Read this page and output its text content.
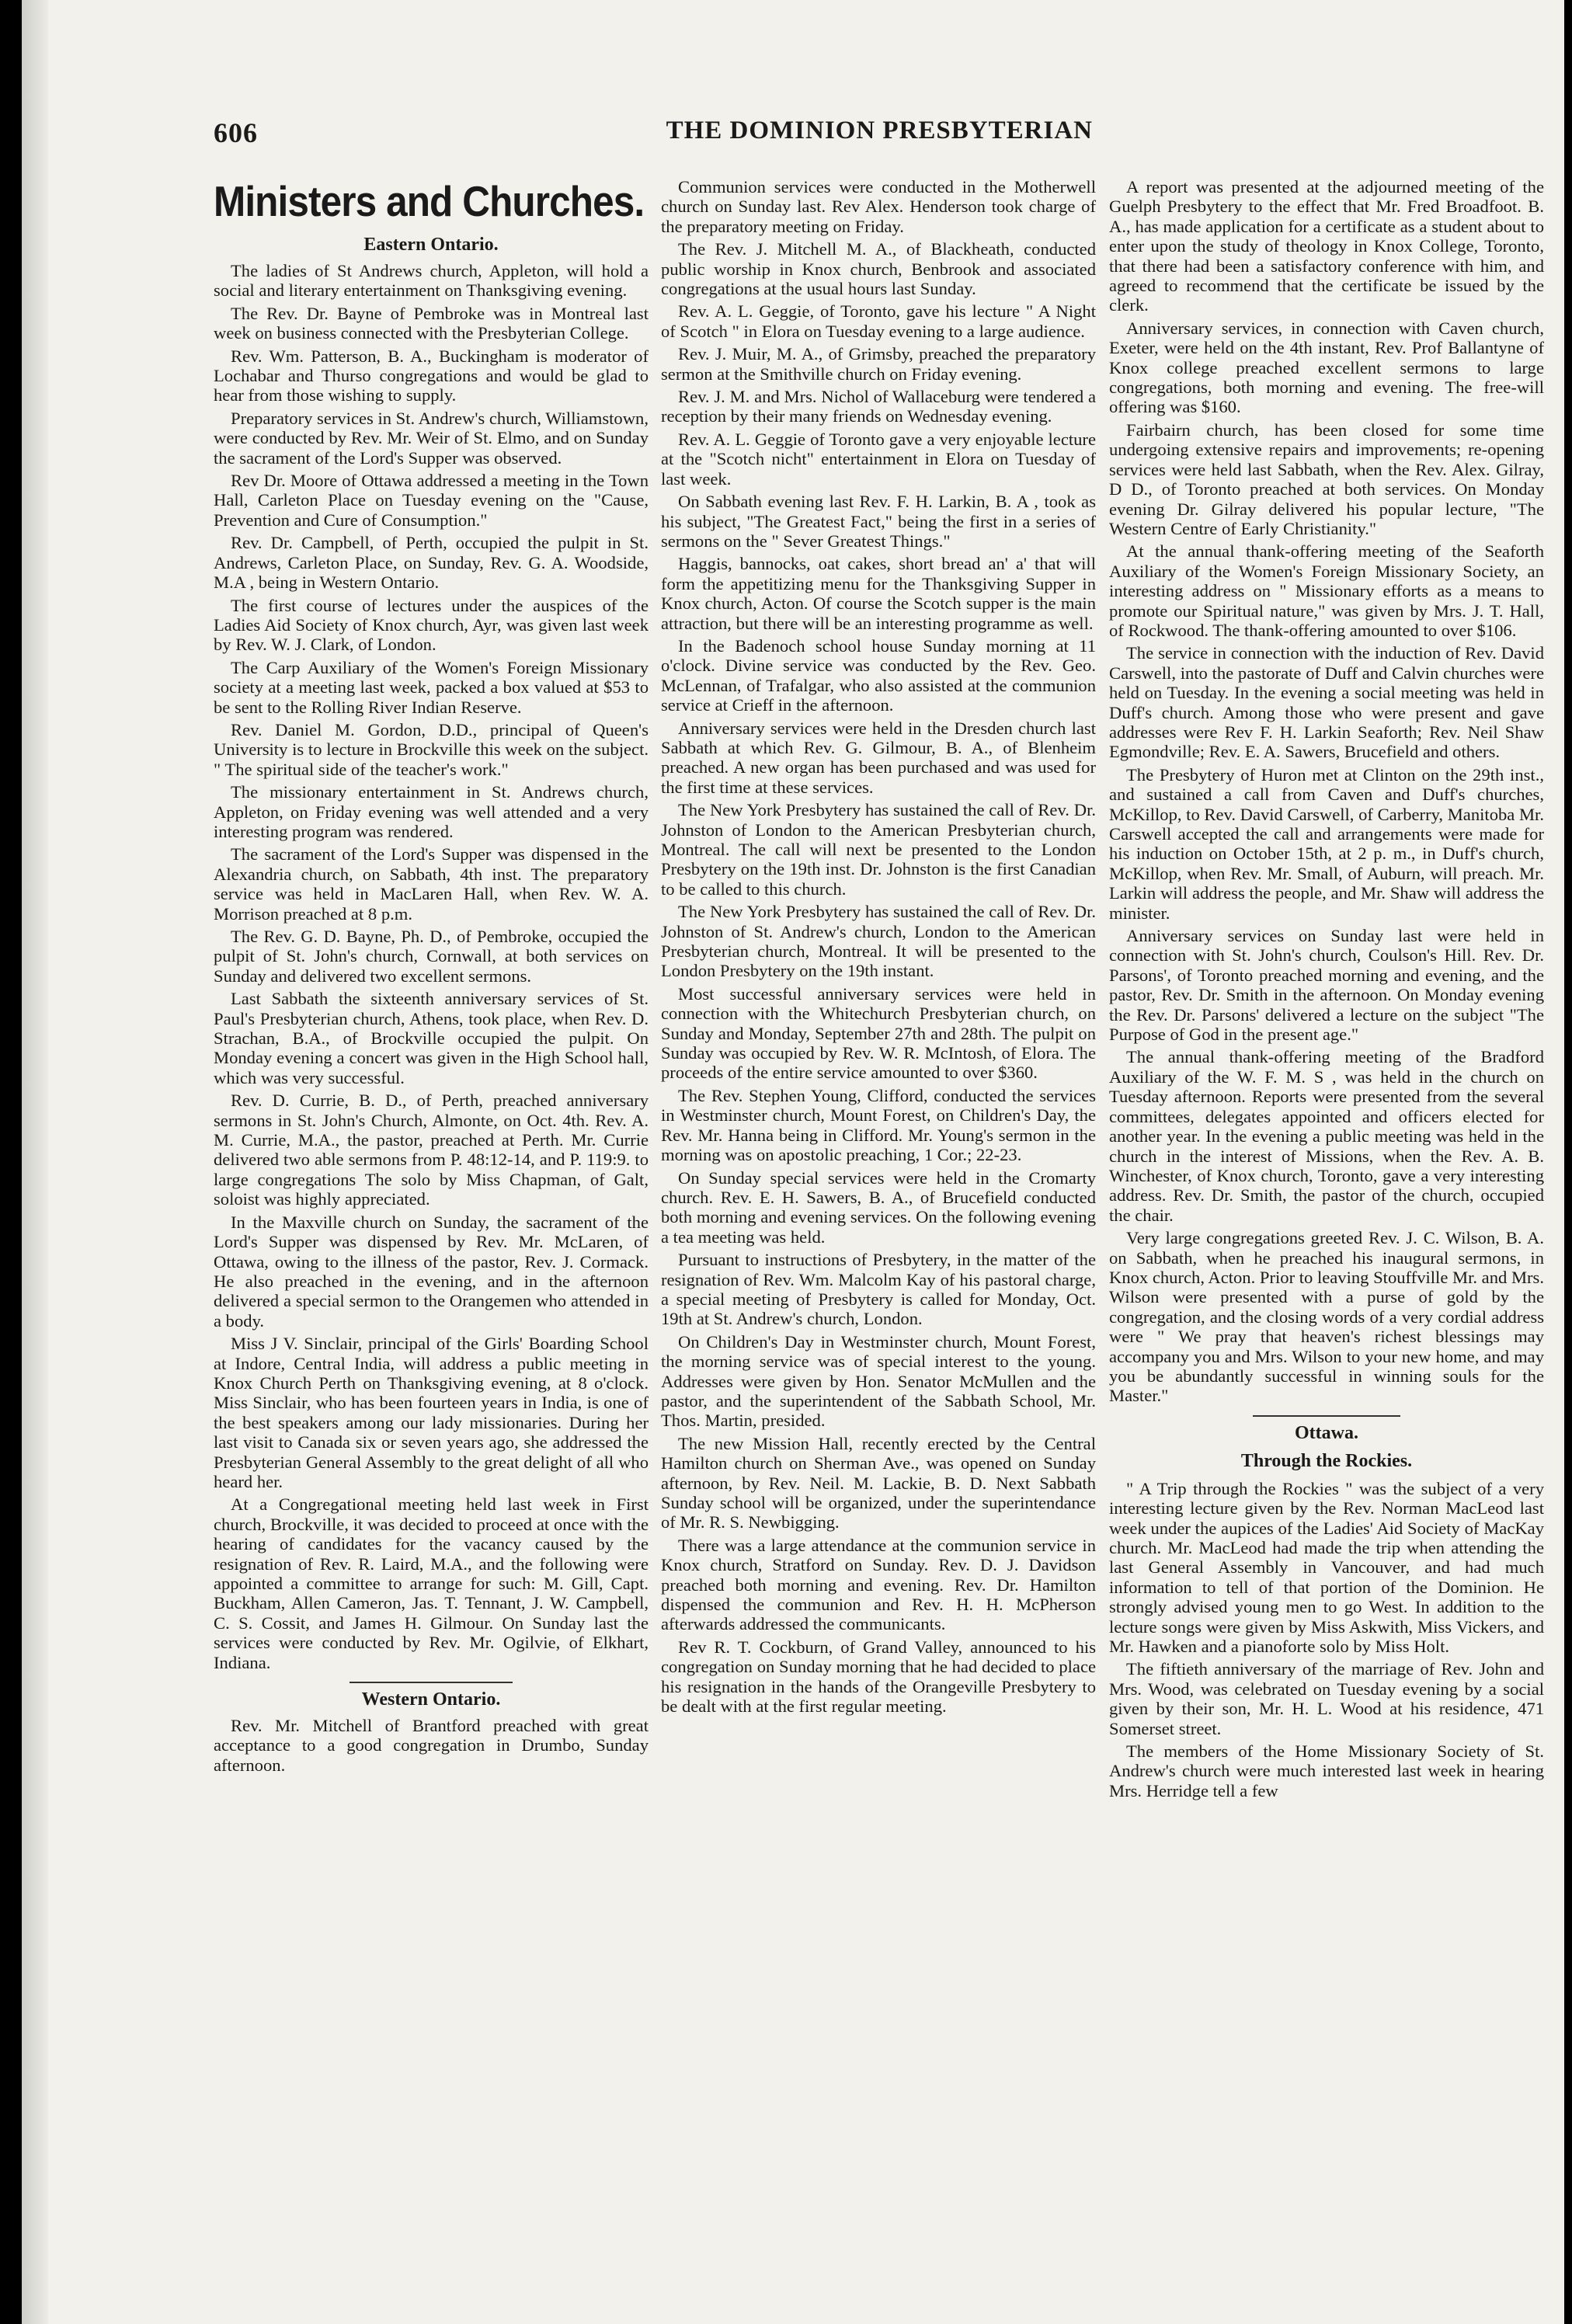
606	THE DOMINION PRESBYTERIAN
Ministers and Churches.
Eastern Ontario.

The ladies of St Andrews church, Appleton, will hold a social and literary entertainment on Thanksgiving evening.

The Rev. Dr. Bayne of Pembroke was in Montreal last week on business connected with the Presbyterian College.

Rev. Wm. Patterson, B. A., Buckingham is moderator of Lochabar and Thurso congregations and would be glad to hear from those wishing to supply.

Preparatory services in St. Andrew's church, Williamstown, were conducted by Rev. Mr. Weir of St. Elmo, and on Sunday the sacrament of the Lord's Supper was observed.

Rev Dr. Moore of Ottawa addressed a meeting in the Town Hall, Carleton Place on Tuesday evening on the "Cause, Prevention and Cure of Consumption."

Rev. Dr. Campbell, of Perth, occupied the pulpit in St. Andrews, Carleton Place, on Sunday, Rev. G. A. Woodside, M.A , being in Western Ontario.

The first course of lectures under the auspices of the Ladies Aid Society of Knox church, Ayr, was given last week by Rev. W. J. Clark, of London.

The Carp Auxiliary of the Women's Foreign Missionary society at a meeting last week, packed a box valued at $53 to be sent to the Rolling River Indian Reserve.

Rev. Daniel M. Gordon, D.D., principal of Queen's University is to lecture in Brockville this week on the subject. " The spiritual side of the teacher's work."

The missionary entertainment in St. Andrews church, Appleton, on Friday evening was well attended and a very interesting program was rendered.

The sacrament of the Lord's Supper was dispensed in the Alexandria church, on Sabbath, 4th inst. The preparatory service was held in MacLaren Hall, when Rev. W. A. Morrison preached at 8 p.m.

The Rev. G. D. Bayne, Ph. D., of Pembroke, occupied the pulpit of St. John's church, Cornwall, at both services on Sunday and delivered two excellent sermons.

Last Sabbath the sixteenth anniversary services of St. Paul's Presbyterian church, Athens, took place, when Rev. D. Strachan, B.A., of Brockville occupied the pulpit. On Monday evening a concert was given in the High School hall, which was very successful.

Rev. D. Currie, B. D., of Perth, preached anniversary sermons in St. John's Church, Almonte, on Oct. 4th. Rev. A. M. Currie, M.A., the pastor, preached at Perth. Mr. Currie delivered two able sermons from P. 48:12-14, and P. 119:9. to large congregations The solo by Miss Chapman, of Galt, soloist was highly appreciated.

In the Maxville church on Sunday, the sacrament of the Lord's Supper was dispensed by Rev. Mr. McLaren, of Ottawa, owing to the illness of the pastor, Rev. J. Cormack. He also preached in the evening, and in the afternoon delivered a special sermon to the Orangemen who attended in a body.

Miss J V. Sinclair, principal of the Girls' Boarding School at Indore, Central India, will address a public meeting in Knox Church Perth on Thanksgiving evening, at 8 o'clock. Miss Sinclair, who has been fourteen years in India, is one of the best speakers among our lady missionaries. During her last visit to Canada six or seven years ago, she addressed the Presbyterian General Assembly to the great delight of all who heard her.

At a Congregational meeting held last week in First church, Brockville, it was decided to proceed at once with the hearing of candidates for the vacancy caused by the resignation of Rev. R. Laird, M.A., and the following were appointed a committee to arrange for such: M. Gill, Capt. Buckham, Allen Cameron, Jas. T. Tennant, J. W. Campbell, C. S. Cossit, and James H. Gilmour. On Sunday last the services were conducted by Rev. Mr. Ogilvie, of Elkhart, Indiana.

Western Ontario.

Rev. Mr. Mitchell of Brantford preached with great acceptance to a good congregation in Drumbo, Sunday afternoon.

Communion services were conducted in the Motherwell church on Sunday last. Rev Alex. Henderson took charge of the preparatory meeting on Friday.

The Rev. J. Mitchell M. A., of Blackheath, conducted public worship in Knox church, Benbrook and associated congregations at the usual hours last Sunday.

Rev. A. L. Geggie, of Toronto, gave his lecture " A Night of Scotch " in Elora on Tuesday evening to a large audience.

Rev. J. Muir, M. A., of Grimsby, preached the preparatory sermon at the Smithville church on Friday evening.

Rev. J. M. and Mrs. Nichol of Wallaceburg were tendered a reception by their many friends on Wednesday evening.

Rev. A. L. Geggie of Toronto gave a very enjoyable lecture at the "Scotch nicht" entertainment in Elora on Tuesday of last week.

On Sabbath evening last Rev. F. H. Larkin, B. A , took as his subject, "The Greatest Fact," being the first in a series of sermons on the " Sever Greatest Things."

Haggis, bannocks, oat cakes, short bread an' a' that will form the appetitizing menu for the Thanksgiving Supper in Knox church, Acton. Of course the Scotch supper is the main attraction, but there will be an interesting programme as well.

In the Badenoch school house Sunday morning at 11 o'clock. Divine service was conducted by the Rev. Geo. McLennan, of Trafalgar, who also assisted at the communion service at Crieff in the afternoon.

Anniversary services were held in the Dresden church last Sabbath at which Rev. G. Gilmour, B. A., of Blenheim preached. A new organ has been purchased and was used for the first time at these services.

The New York Presbytery has sustained the call of Rev. Dr. Johnston of London to the American Presbyterian church, Montreal. The call will next be presented to the London Presbytery on the 19th inst. Dr. Johnston is the first Canadian to be called to this church.

The New York Presbytery has sustained the call of Rev. Dr. Johnston of St. Andrew's church, London to the American Presbyterian church, Montreal. It will be presented to the London Presbytery on the 19th instant.

Most successful anniversary services were held in connection with the Whitechurch Presbyterian church, on Sunday and Monday, September 27th and 28th. The pulpit on Sunday was occupied by Rev. W. R. McIntosh, of Elora. The proceeds of the entire service amounted to over $360.

The Rev. Stephen Young, Clifford, conducted the services in Westminster church, Mount Forest, on Children's Day, the Rev. Mr. Hanna being in Clifford. Mr. Young's sermon in the morning was on apostolic preaching, 1 Cor.; 22-23.

On Sunday special services were held in the Cromarty church. Rev. E. H. Sawers, B. A., of Brucefield conducted both morning and evening services. On the following evening a tea meeting was held.

Pursuant to instructions of Presbytery, in the matter of the resignation of Rev. Wm. Malcolm Kay of his pastoral charge, a special meeting of Presbytery is called for Monday, Oct. 19th at St. Andrew's church, London.

On Children's Day in Westminster church, Mount Forest, the morning service was of special interest to the young. Addresses were given by Hon. Senator McMullen and the pastor, and the superintendent of the Sabbath School, Mr. Thos. Martin, presided.

The new Mission Hall, recently erected by the Central Hamilton church on Sherman Ave., was opened on Sunday afternoon, by Rev. Neil. M. Lackie, B. D. Next Sabbath Sunday school will be organized, under the superintendance of Mr. R. S. Newbigging.

There was a large attendance at the communion service in Knox church, Stratford on Sunday. Rev. D. J. Davidson preached both morning and evening. Rev. Dr. Hamilton dispensed the communion and Rev. H. H. McPherson afterwards addressed the communicants.

Rev R. T. Cockburn, of Grand Valley, announced to his congregation on Sunday morning that he had decided to place his resignation in the hands of the Orangeville Presbytery to be dealt with at the first regular meeting.

A report was presented at the adjourned meeting of the Guelph Presbytery to the effect that Mr. Fred Broadfoot. B. A., has made application for a certificate as a student about to enter upon the study of theology in Knox College, Toronto, that there had been a satisfactory conference with him, and agreed to recommend that the certificate be issued by the clerk.

Anniversary services, in connection with Caven church, Exeter, were held on the 4th instant, Rev. Prof Ballantyne of Knox college preached excellent sermons to large congregations, both morning and evening. The free-will offering was $160.

Fairbairn church, has been closed for some time undergoing extensive repairs and improvements; re-opening services were held last Sabbath, when the Rev. Alex. Gilray, D D., of Toronto preached at both services. On Monday evening Dr. Gilray delivered his popular lecture, "The Western Centre of Early Christianity."

At the annual thank-offering meeting of the Seaforth Auxiliary of the Women's Foreign Missionary Society, an interesting address on " Missionary efforts as a means to promote our Spiritual nature," was given by Mrs. J. T. Hall, of Rockwood. The thank-offering amounted to over $106.

The service in connection with the induction of Rev. David Carswell, into the pastorate of Duff and Calvin churches were held on Tuesday. In the evening a social meeting was held in Duff's church. Among those who were present and gave addresses were Rev F. H. Larkin Seaforth; Rev. Neil Shaw Egmondville; Rev. E. A. Sawers, Brucefield and others.

The Presbytery of Huron met at Clinton on the 29th inst., and sustained a call from Caven and Duff's churches, McKillop, to Rev. David Carswell, of Carberry, Manitoba Mr. Carswell accepted the call and arrangements were made for his induction on October 15th, at 2 p. m., in Duff's church, McKillop, when Rev. Mr. Small, of Auburn, will preach. Mr. Larkin will address the people, and Mr. Shaw will address the minister.

Anniversary services on Sunday last were held in connection with St. John's church, Coulson's Hill. Rev. Dr. Parsons', of Toronto preached morning and evening, and the pastor, Rev. Dr. Smith in the afternoon. On Monday evening the Rev. Dr. Parsons' delivered a lecture on the subject "The Purpose of God in the present age."

The annual thank-offering meeting of the Bradford Auxiliary of the W. F. M. S , was held in the church on Tuesday afternoon. Reports were presented from the several committees, delegates appointed and officers elected for another year. In the evening a public meeting was held in the church in the interest of Missions, when the Rev. A. B. Winchester, of Knox church, Toronto, gave a very interesting address. Rev. Dr. Smith, the pastor of the church, occupied the chair.

Very large congregations greeted Rev. J. C. Wilson, B. A. on Sabbath, when he preached his inaugural sermons, in Knox church, Acton. Prior to leaving Stouffville Mr. and Mrs. Wilson were presented with a purse of gold by the congregation, and the closing words of a very cordial address were " We pray that heaven's richest blessings may accompany you and Mrs. Wilson to your new home, and may you be abundantly successful in winning souls for the Master."

Ottawa.
Through the Rockies.

" A Trip through the Rockies " was the subject of a very interesting lecture given by the Rev. Norman MacLeod last week under the aupices of the Ladies' Aid Society of MacKay church. Mr. MacLeod had made the trip when attending the last General Assembly in Vancouver, and had much information to tell of that portion of the Dominion. He strongly advised young men to go West. In addition to the lecture songs were given by Miss Askwith, Miss Vickers, and Mr. Hawken and a pianoforte solo by Miss Holt.

The fiftieth anniversary of the marriage of Rev. John and Mrs. Wood, was celebrated on Tuesday evening by a social given by their son, Mr. H. L. Wood at his residence, 471 Somerset street.

The members of the Home Missionary Society of St. Andrew's church were much interested last week in hearing Mrs. Herridge tell a few
